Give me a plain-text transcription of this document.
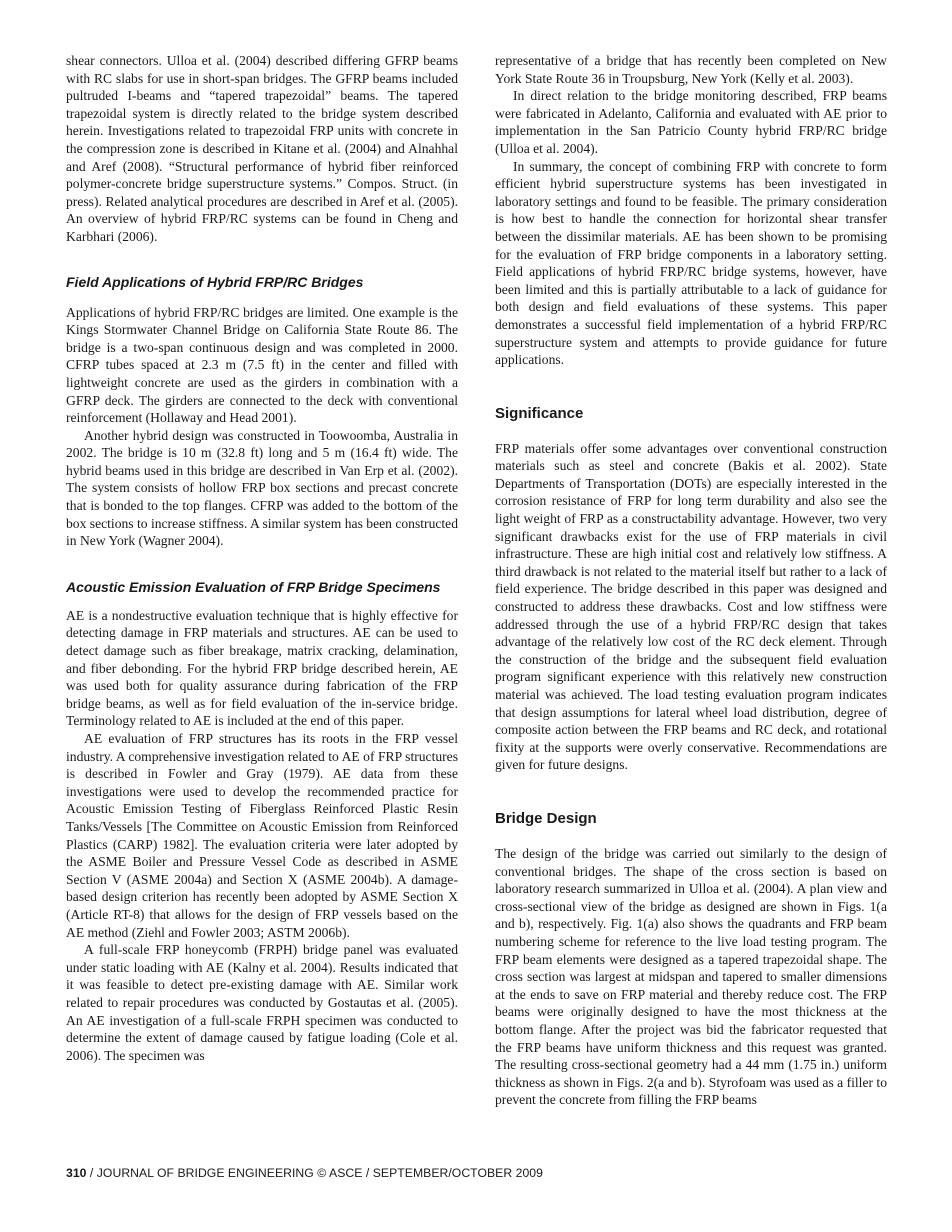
shear connectors. Ulloa et al. (2004) described differing GFRP beams with RC slabs for use in short-span bridges. The GFRP beams included pultruded I-beams and “tapered trapezoidal” beams. The tapered trapezoidal system is directly related to the bridge system described herein. Investigations related to trapezoidal FRP units with concrete in the compression zone is described in Kitane et al. (2004) and Alnahhal and Aref (2008). “Structural performance of hybrid fiber reinforced polymer-concrete bridge superstructure systems.” Compos. Struct. (in press). Related analytical procedures are described in Aref et al. (2005). An overview of hybrid FRP/RC systems can be found in Cheng and Karbhari (2006).

Field Applications of Hybrid FRP/RC Bridges

Applications of hybrid FRP/RC bridges are limited. One example is the Kings Stormwater Channel Bridge on California State Route 86. The bridge is a two-span continuous design and was completed in 2000. CFRP tubes spaced at 2.3 m (7.5 ft) in the center and filled with lightweight concrete are used as the girders in combination with a GFRP deck. The girders are connected to the deck with conventional reinforcement (Hollaway and Head 2001).

Another hybrid design was constructed in Toowoomba, Australia in 2002. The bridge is 10 m (32.8 ft) long and 5 m (16.4 ft) wide. The hybrid beams used in this bridge are described in Van Erp et al. (2002). The system consists of hollow FRP box sections and precast concrete that is bonded to the top flanges. CFRP was added to the bottom of the box sections to increase stiffness. A similar system has been constructed in New York (Wagner 2004).

Acoustic Emission Evaluation of FRP Bridge Specimens

AE is a nondestructive evaluation technique that is highly effective for detecting damage in FRP materials and structures. AE can be used to detect damage such as fiber breakage, matrix cracking, delamination, and fiber debonding. For the hybrid FRP bridge described herein, AE was used both for quality assurance during fabrication of the FRP bridge beams, as well as for field evaluation of the in-service bridge. Terminology related to AE is included at the end of this paper.

AE evaluation of FRP structures has its roots in the FRP vessel industry. A comprehensive investigation related to AE of FRP structures is described in Fowler and Gray (1979). AE data from these investigations were used to develop the recommended practice for Acoustic Emission Testing of Fiberglass Reinforced Plastic Resin Tanks/Vessels [The Committee on Acoustic Emission from Reinforced Plastics (CARP) 1982]. The evaluation criteria were later adopted by the ASME Boiler and Pressure Vessel Code as described in ASME Section V (ASME 2004a) and Section X (ASME 2004b). A damage-based design criterion has recently been adopted by ASME Section X (Article RT-8) that allows for the design of FRP vessels based on the AE method (Ziehl and Fowler 2003; ASTM 2006b).

A full-scale FRP honeycomb (FRPH) bridge panel was evaluated under static loading with AE (Kalny et al. 2004). Results indicated that it was feasible to detect pre-existing damage with AE. Similar work related to repair procedures was conducted by Gostautas et al. (2005). An AE investigation of a full-scale FRPH specimen was conducted to determine the extent of damage caused by fatigue loading (Cole et al. 2006). The specimen was

representative of a bridge that has recently been completed on New York State Route 36 in Troupsburg, New York (Kelly et al. 2003).

In direct relation to the bridge monitoring described, FRP beams were fabricated in Adelanto, California and evaluated with AE prior to implementation in the San Patricio County hybrid FRP/RC bridge (Ulloa et al. 2004).

In summary, the concept of combining FRP with concrete to form efficient hybrid superstructure systems has been investigated in laboratory settings and found to be feasible. The primary consideration is how best to handle the connection for horizontal shear transfer between the dissimilar materials. AE has been shown to be promising for the evaluation of FRP bridge components in a laboratory setting. Field applications of hybrid FRP/RC bridge systems, however, have been limited and this is partially attributable to a lack of guidance for both design and field evaluations of these systems. This paper demonstrates a successful field implementation of a hybrid FRP/RC superstructure system and attempts to provide guidance for future applications.

Significance

FRP materials offer some advantages over conventional construction materials such as steel and concrete (Bakis et al. 2002). State Departments of Transportation (DOTs) are especially interested in the corrosion resistance of FRP for long term durability and also see the light weight of FRP as a constructability advantage. However, two very significant drawbacks exist for the use of FRP materials in civil infrastructure. These are high initial cost and relatively low stiffness. A third drawback is not related to the material itself but rather to a lack of field experience. The bridge described in this paper was designed and constructed to address these drawbacks. Cost and low stiffness were addressed through the use of a hybrid FRP/RC design that takes advantage of the relatively low cost of the RC deck element. Through the construction of the bridge and the subsequent field evaluation program significant experience with this relatively new construction material was achieved. The load testing evaluation program indicates that design assumptions for lateral wheel load distribution, degree of composite action between the FRP beams and RC deck, and rotational fixity at the supports were overly conservative. Recommendations are given for future designs.

Bridge Design

The design of the bridge was carried out similarly to the design of conventional bridges. The shape of the cross section is based on laboratory research summarized in Ulloa et al. (2004). A plan view and cross-sectional view of the bridge as designed are shown in Figs. 1(a and b), respectively. Fig. 1(a) also shows the quadrants and FRP beam numbering scheme for reference to the live load testing program. The FRP beam elements were designed as a tapered trapezoidal shape. The cross section was largest at midspan and tapered to smaller dimensions at the ends to save on FRP material and thereby reduce cost. The FRP beams were originally designed to have the most thickness at the bottom flange. After the project was bid the fabricator requested that the FRP beams have uniform thickness and this request was granted. The resulting cross-sectional geometry had a 44 mm (1.75 in.) uniform thickness as shown in Figs. 2(a and b). Styrofoam was used as a filler to prevent the concrete from filling the FRP beams

310 / JOURNAL OF BRIDGE ENGINEERING © ASCE / SEPTEMBER/OCTOBER 2009
